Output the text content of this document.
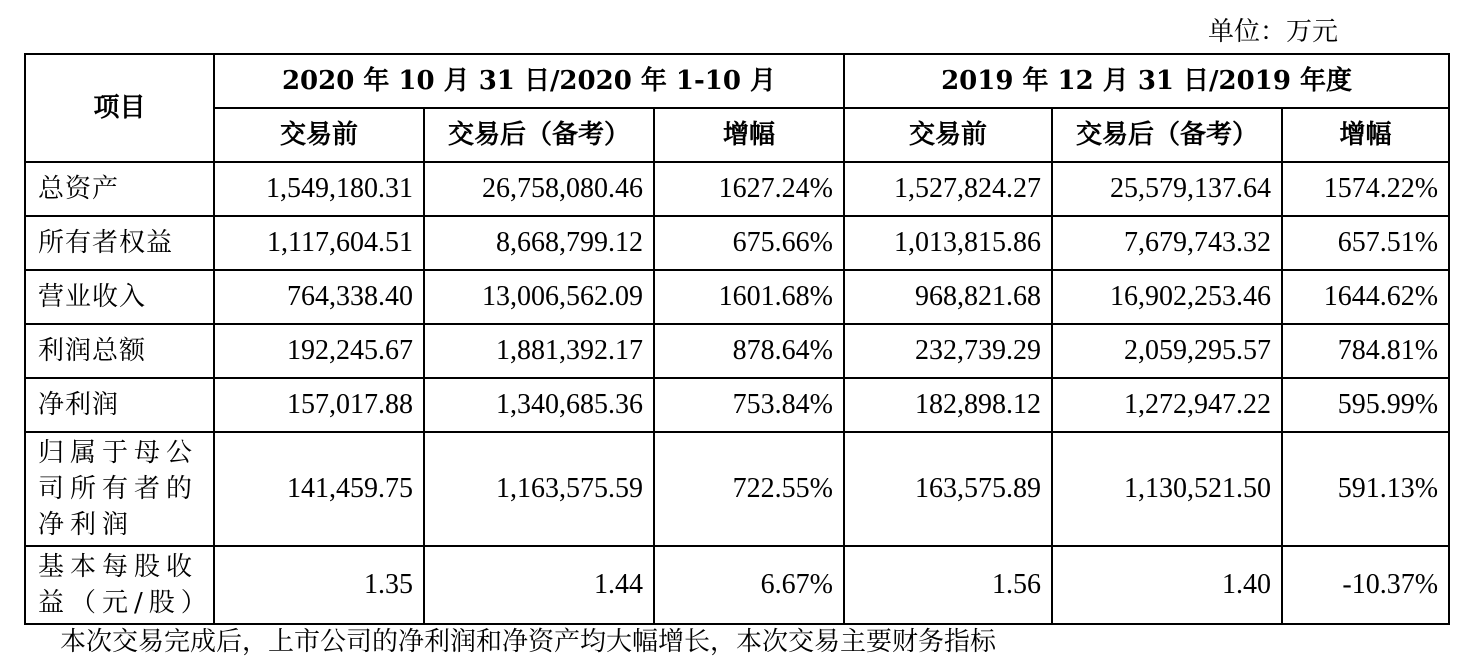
单位：万元
项目	2020 年 10 月 31 日/2020 年 1-10 月			2019 年 12 月 31 日/2019 年度		
	交易前	交易后（备考）	增幅	交易前	交易后（备考）	增幅
总资产	1,549,180.31	26,758,080.46	1627.24%	1,527,824.27	25,579,137.64	1574.22%
所有者权益	1,117,604.51	8,668,799.12	675.66%	1,013,815.86	7,679,743.32	657.51%
营业收入	764,338.40	13,006,562.09	1601.68%	968,821.68	16,902,253.46	1644.62%
利润总额	192,245.67	1,881,392.17	878.64%	232,739.29	2,059,295.57	784.81%
净利润	157,017.88	1,340,685.36	753.84%	182,898.12	1,272,947.22	595.99%
归属于母公司所有者的净利润	141,459.75	1,163,575.59	722.55%	163,575.89	1,130,521.50	591.13%
基本每股收益（元/股）	1.35	1.44	6.67%	1.56	1.40	-10.37%
本次交易完成后，上市公司的净利润和净资产均大幅增长，本次交易主要财务指标
